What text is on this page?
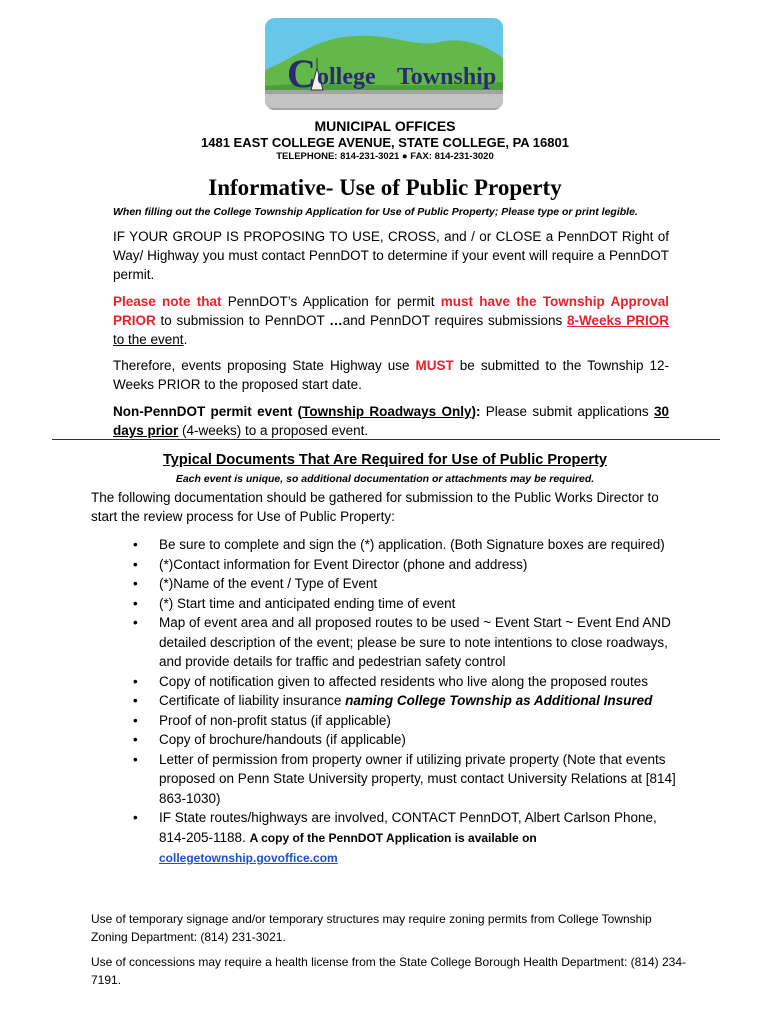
C ollege Township
MUNICIPAL OFFICES
1481 EAST COLLEGE AVENUE, STATE COLLEGE, PA 16801
TELEPHONE: 814-231-3021 ● FAX: 814-231-3020
Informative- Use of Public Property
When filling out the College Township Application for Use of Public Property; Please type or print legible.
IF YOUR GROUP IS PROPOSING TO USE, CROSS, and / or CLOSE a PennDOT Right of Way/ Highway you must contact PennDOT to determine if your event will require a PennDOT permit.
Please note that PennDOT’s Application for permit must have the Township Approval PRIOR to submission to PennDOT …and PennDOT requires submissions 8-Weeks PRIOR to the event.
Therefore, events proposing State Highway use MUST be submitted to the Township 12-Weeks PRIOR to the proposed start date.
Non-PennDOT permit event (Township Roadways Only): Please submit applications 30 days prior (4-weeks) to a proposed event.
Typical Documents That Are Required for Use of Public Property
Each event is unique, so additional documentation or attachments may be required.
The following documentation should be gathered for submission to the Public Works Director to start the review process for Use of Public Property:
• Be sure to complete and sign the (*) application. (Both Signature boxes are required)
• (*)Contact information for Event Director (phone and address)
• (*)Name of the event / Type of Event
• (*) Start time and anticipated ending time of event
• Map of event area and all proposed routes to be used ~ Event Start ~ Event End AND detailed description of the event; please be sure to note intentions to close roadways, and provide details for traffic and pedestrian safety control
• Copy of notification given to affected residents who live along the proposed routes
• Certificate of liability insurance naming College Township as Additional Insured
• Proof of non-profit status (if applicable)
• Copy of brochure/handouts (if applicable)
• Letter of permission from property owner if utilizing private property (Note that events proposed on Penn State University property, must contact University Relations at [814] 863-1030)
• IF State routes/highways are involved, CONTACT PennDOT, Albert Carlson Phone, 814-205-1188. A copy of the PennDOT Application is available on
collegetownship.govoffice.com
Use of temporary signage and/or temporary structures may require zoning permits from College Township Zoning Department: (814) 231-3021.
Use of concessions may require a health license from the State College Borough Health Department: (814) 234-7191.
